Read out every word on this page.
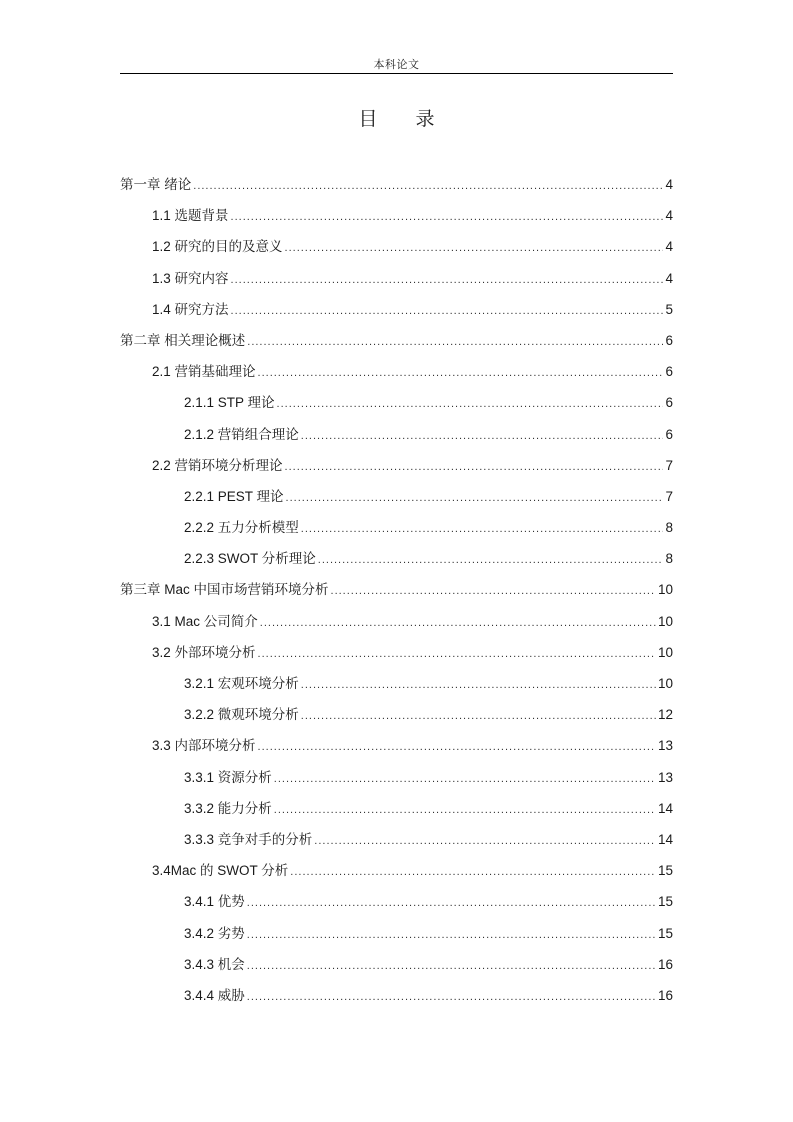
本科论文
目 录
第一章 绪论 .....	4
1.1 选题背景 .....	4
1.2 研究的目的及意义 .....	4
1.3 研究内容 .....	4
1.4 研究方法 .....	5
第二章 相关理论概述 .....	6
2.1 营销基础理论 .....	6
2.1.1 STP 理论 .....	6
2.1.2 营销组合理论 .....	6
2.2 营销环境分析理论 .....	7
2.2.1 PEST 理论 .....	7
2.2.2 五力分析模型 .....	8
2.2.3 SWOT 分析理论 .....	8
第三章 Mac 中国市场营销环境分析 .....	10
3.1 Mac 公司简介 .....	10
3.2 外部环境分析 .....	10
3.2.1 宏观环境分析 .....	10
3.2.2 微观环境分析 .....	12
3.3 内部环境分析 .....	13
3.3.1 资源分析 .....	13
3.3.2 能力分析 .....	14
3.3.3 竞争对手的分析 .....	14
3.4Mac 的 SWOT 分析 .....	15
3.4.1 优势 .....	15
3.4.2 劣势 .....	15
3.4.3 机会 .....	16
3.4.4 威胁 .....	16
